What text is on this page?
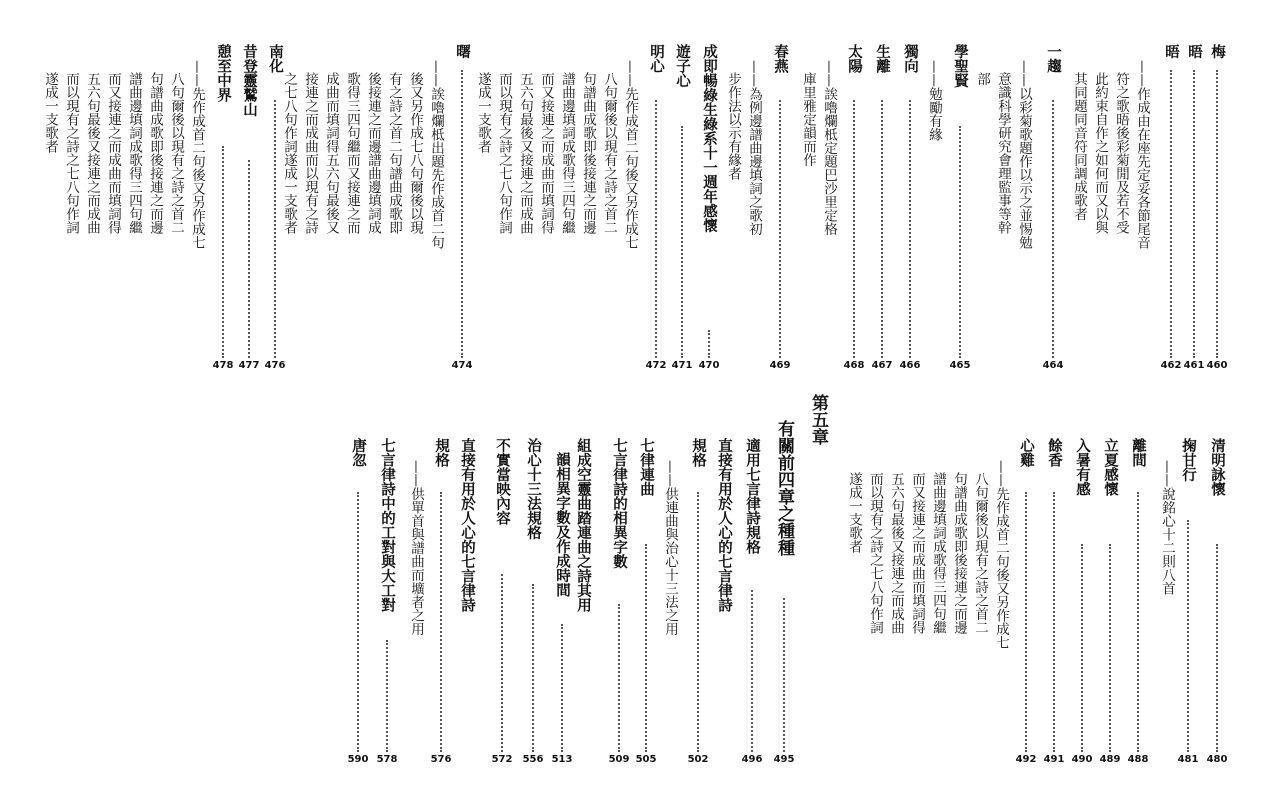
梅
460
晤
461
晤
462
——作成由在座先定妥各節尾音
符之歌晤後彩菊閒及若不受
此約束自作之如何而又以與
其同題同音符同調成歌者
一趨
464
——以彩菊歌題作以示之並惕勉
意識科學研究會理監事等幹
部
學聖賢
465
——勉勵有緣
獨向
466
生離
467
太陽
468
——誒嚕爛柢定題巴沙里定格
庫里雅定韻而作
春燕
469
——為例邊譜曲邊填詞之歌初
步作法以示有緣者
成即暢綠生綠系十一週年感懷
470
遊子心
471
明心
472
——先作成首二句後又另作成七
八句爾後以現有之詩之首二
句譜曲成歌即後接連之而邊
譜曲邊填詞成歌得三四句繼
而又接連之而成曲而填詞得
五六句最後又接連之而成曲
而以現有之詩之七八句作詞
遂成一支歌者
曙
474
——誒嚕爛柢出題先作成首二句
後又另作成七八句爾後以現
有之詩之首二句譜曲成歌即
後接連之而邊譜曲邊填詞成
歌得三四句繼而又接連之而
成曲而填詞得五六句最後又
接連之而成曲而以現有之詩
之七八句作詞遂成一支歌者
南化
476
昔登靈鷲山
477
憩至中界
478
——先作成首二句後又另作成七
八句爾後以現有之詩之首二
句譜曲成歌即後接連之而邊
譜曲邊填詞成歌得三四句繼
而又接連之而成曲而填詞得
五六句最後又接連之而成曲
而以現有之詩之七八句作詞
遂成一支歌者
清明詠懷
480
掬甘行
481
——說銘心十二則八首
離間
488
立夏感懷
489
入暑有感
490
餘香
491
心雞
492
——先作成首二句後又另作成七
八句爾後以現有之詩之首二
句譜曲成歌即後接連之而邊
譜曲邊填詞成歌得三四句繼
而又接連之而成曲而填詞得
五六句最後又接連之而成曲
而以現有之詩之七八句作詞
遂成一支歌者
第五章
有關前四章之種種
495
適用七言律詩規格
496
直接有用於人心的七言律詩
規格
502
——供連曲與治心十三法之用
七律連曲
505
七言律詩的相異字數
509
組成空靈曲踏連曲之詩其用
韻相異字數及作成時間
513
治心十三法規格
556
不實當映內容
572
直接有用於人心的七言律詩
規格
576
——供單首與譜曲而壙者之用
七言律詩中的工對與大工對
578
唐忽
590
